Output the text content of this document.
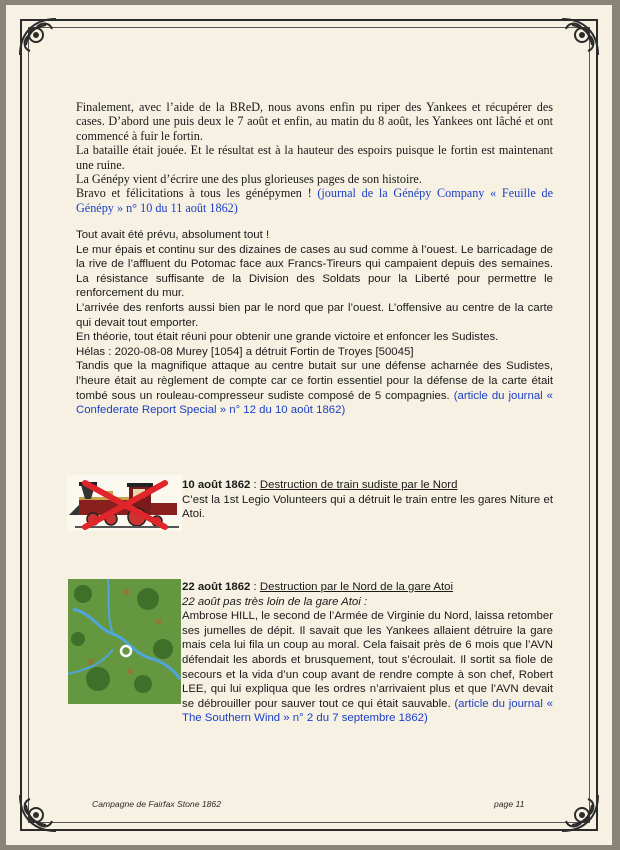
Finalement, avec l’aide de la BReD, nous avons enfin pu riper des Yankees et récupérer des cases. D’abord une puis deux le 7 août et enfin, au matin du 8 août, les Yankees ont lâché et ont commencé à fuir le fortin.

La bataille était jouée. Et le résultat est à la hauteur des espoirs puisque le fortin est maintenant une ruine.

La Génépy vient d’écrire une des plus glorieuses pages de son histoire.

Bravo et félicitations à tous les génépymen ! (journal de la Génépy Company « Feuille de Génépy » n° 10 du 11 août 1862)

Tout avait été prévu, absolument tout !

Le mur épais et continu sur des dizaines de cases au sud comme à l’ouest. Le barricadage de la rive de l’affluent du Potomac face aux Francs-Tireurs qui campaient depuis des semaines. La résistance suffisante de la Division des Soldats pour la Liberté pour permettre le renforcement du mur.

L’arrivée des renforts aussi bien par le nord que par l’ouest. L’offensive au centre de la carte qui devait tout emporter.

En théorie, tout était réuni pour obtenir une grande victoire et enfoncer les Sudistes.

Hélas : 2020-08-08 Murey [1054] a détruit Fortin de Troyes [50045]

Tandis que la magnifique attaque au centre butait sur une défense acharnée des Sudistes, l’heure était au règlement de compte car ce fortin essentiel pour la défense de la carte était tombé sous un rouleau-compresseur sudiste composé de 5 compagnies. (article du journal « Confederate Report Special » n° 12 du 10 août 1862)

10 août 1862 : Destruction de train sudiste par le Nord

C’est la 1st Legio Volunteers qui a détruit le train entre les gares Niture et Atoi.

22 août 1862 : Destruction par le Nord de la gare Atoi

22 août pas très loin de la gare Atoi :

Ambrose HILL, le second de l’Armée de Virginie du Nord, laissa retomber ses jumelles de dépit. Il savait que les Yankees allaient détruire la gare mais cela lui fila un coup au moral. Cela faisait près de 6 mois que l’AVN défendait les abords et brusquement, tout s’écroulait. Il sortit sa fiole de secours et la vida d’un coup avant de rendre compte à son chef, Robert LEE, qui lui expliqua que les ordres n’arrivaient plus et que l’AVN devait se débrouiller pour sauver tout ce qui était sauvable. (article du journal « The Southern Wind » n° 2 du 7 septembre 1862)

Campagne de Fairfax Stone 1862	page 11
